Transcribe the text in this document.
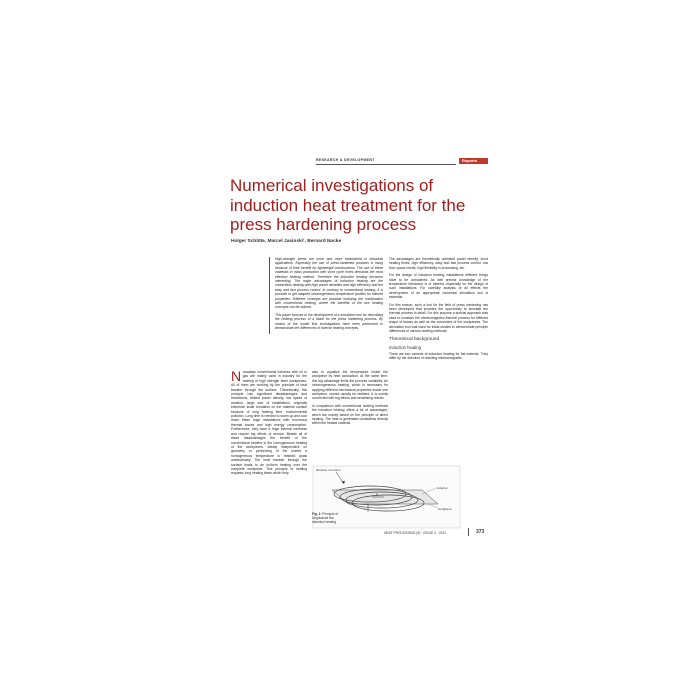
RESEARCH & DEVELOPMENT	Reports
Numerical investigations of induction heat treatment for the press hardening process
Holger Schlüte, Marcel Jasinski¹, Bernard Nacke

High-strength steels are more and more established in industrial applications. Especially the use of press-hardened products is rising because of their benefit for lightweight constructions. The use of these materials in mass production with short cycle times demands the most effective heating method. Therefore the induction heating becomes interesting. The major advantages of induction heating are the contactless heating with high power densities and high efficiency and the easy and fast process control. In contrary to conventional heating, it is possible to get adapted inhomogeneous temperature profiles for tailored properties. Different concepts are possible including the combination with conventional heating, where the benefits of the two heating concepts can be utilized.

This paper focuses to the development of a simulation tool for describing the heating process of a blank for the press hardening process. By means of the model first investigations have been performed to demonstrate the differences of diverse heating concepts.

The advantages are theoretically unlimited power density, short heating times, high efficiency, easy and fast process control, low floor space needs, high flexibility in processing, etc.

For the design of induction heating installations different things have to be considered. As well precise knowledge of the temperature behaviour is of interest, especially for the design of such installations. For carefully analysis of all effects the development of an appropriate numerical simulation tool is essential.

For this reason, such a tool for the field of press hardening has been developed that provides the opportunity to simulate the thermal process in detail. For this purpose a special approach was used to consider the electromagnetic-thermal process for different shape of blanks as well as the movement of the workpieces. The simulation tool was used for initial studies to demonstrate principle differences of various heating methods.

Theoretical background
Induction heating

There are two variants of induction heating for flat material. They differ by the direction of resulting electromagnetic

Nowadays conventional furnaces with oil or gas are mainly used in industry for the heating of high strength steel workpieces. All of them are working by the principle of heat transfer through the surface. Theoretically, this principle has significant disadvantages and restrictions, limited power density, low speed of reaction, large size of installations, originally extensive scale formation on the material surface because of long heating time, environmental pollution. Long time is needed to warm up and cool down these huge installations with enormous thermal losses and high energy consumption. Furthermore, they have a huge thermal inertness and require big efforts of service. Beside all of these disadvantages the benefit of the conventional heaters is the homogeneous heating of the workpieces. Ideally independent on geometry or performing of the sheets a homogeneous temperature is realised quasi automatically. The heat transfer through the surface leads to an uniform heating over the complete workpiece. This principle of heating requests long heating times which help

also to equalize the temperature inside the workpiece by heat conduction. At the same time, this big advantage limits the process variability. An inhomogeneous heating, which is necessary for applying different mechanical properties inside one workpiece, cannot usually be realised. It is mainly connected with big efforts and sensitizing results.

In comparison with conventional heating methods the induction heating offers a lot of advantages, which are mainly based on the principle of direct heating. The heat is generated contactless directly within the heated material.

direction of motion
B
I
inductor
workpiece
Fig. 1: Principle of longitudinal flux induction heating
HEAT PROCESSING (9) · ISSUE 4 · 2011	373
